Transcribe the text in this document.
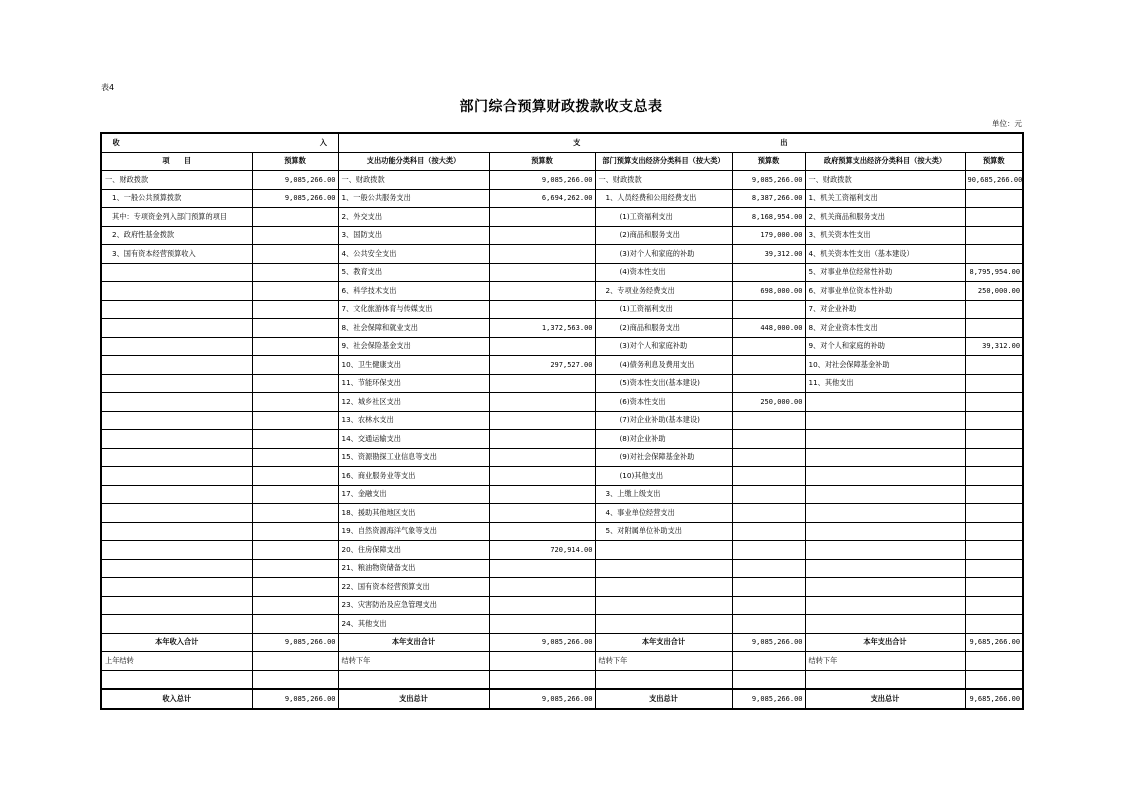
表4
部门综合预算财政拨款收支总表
单位：元
收 入		支 出					
项　　目	预算数	支出功能分类科目（按大类）	预算数	部门预算支出经济分类科目（按大类）	预算数	政府预算支出经济分类科目（按大类）	预算数
一、财政拨款	9,085,266.00	一、财政拨款	9,085,266.00	一、财政拨款	9,085,266.00	一、财政拨款	90,685,266.00
1、一般公共预算拨款	9,085,266.00	1、一般公共服务支出	6,694,262.00	1、人员经费和公用经费支出	8,387,266.00	1、机关工资福利支出	
其中：专项资金列入部门预算的项目		2、外交支出		(1)工资福利支出	8,168,954.00	2、机关商品和服务支出	
2、政府性基金拨款		3、国防支出		(2)商品和服务支出	179,000.00	3、机关资本性支出	
3、国有资本经营预算收入		4、公共安全支出		(3)对个人和家庭的补助	39,312.00	4、机关资本性支出（基本建设）	
		5、教育支出		(4)资本性支出		5、对事业单位经常性补助	8,795,954.00
		6、科学技术支出		2、专项业务经费支出	698,000.00	6、对事业单位资本性补助	250,000.00
		7、文化旅游体育与传媒支出		(1)工资福利支出		7、对企业补助	
		8、社会保障和就业支出	1,372,563.00	(2)商品和服务支出	448,000.00	8、对企业资本性支出	
		9、社会保险基金支出		(3)对个人和家庭补助		9、对个人和家庭的补助	39,312.00
		10、卫生健康支出	297,527.00	(4)债务利息及费用支出		10、对社会保障基金补助	
		11、节能环保支出		(5)资本性支出(基本建设)		11、其他支出	
		12、城乡社区支出		(6)资本性支出	250,000.00		
		13、农林水支出		(7)对企业补助(基本建设)			
		14、交通运输支出		(8)对企业补助			
		15、资源勘探工业信息等支出		(9)对社会保障基金补助			
		16、商业服务业等支出		(10)其他支出			
		17、金融支出		3、上缴上级支出			
		18、援助其他地区支出		4、事业单位经营支出			
		19、自然资源海洋气象等支出		5、对附属单位补助支出			
		20、住房保障支出	720,914.00				
		21、粮油物资储备支出					
		22、国有资本经营预算支出					
		23、灾害防治及应急管理支出					
		24、其他支出					
本年收入合计	9,085,266.00	本年支出合计	9,085,266.00	本年支出合计	9,085,266.00	本年支出合计	9,685,266.00
上年结转		结转下年		结转下年		结转下年	

收入总计	9,085,266.00	支出总计	9,085,266.00	支出总计	9,085,266.00	支出总计	9,685,266.00
